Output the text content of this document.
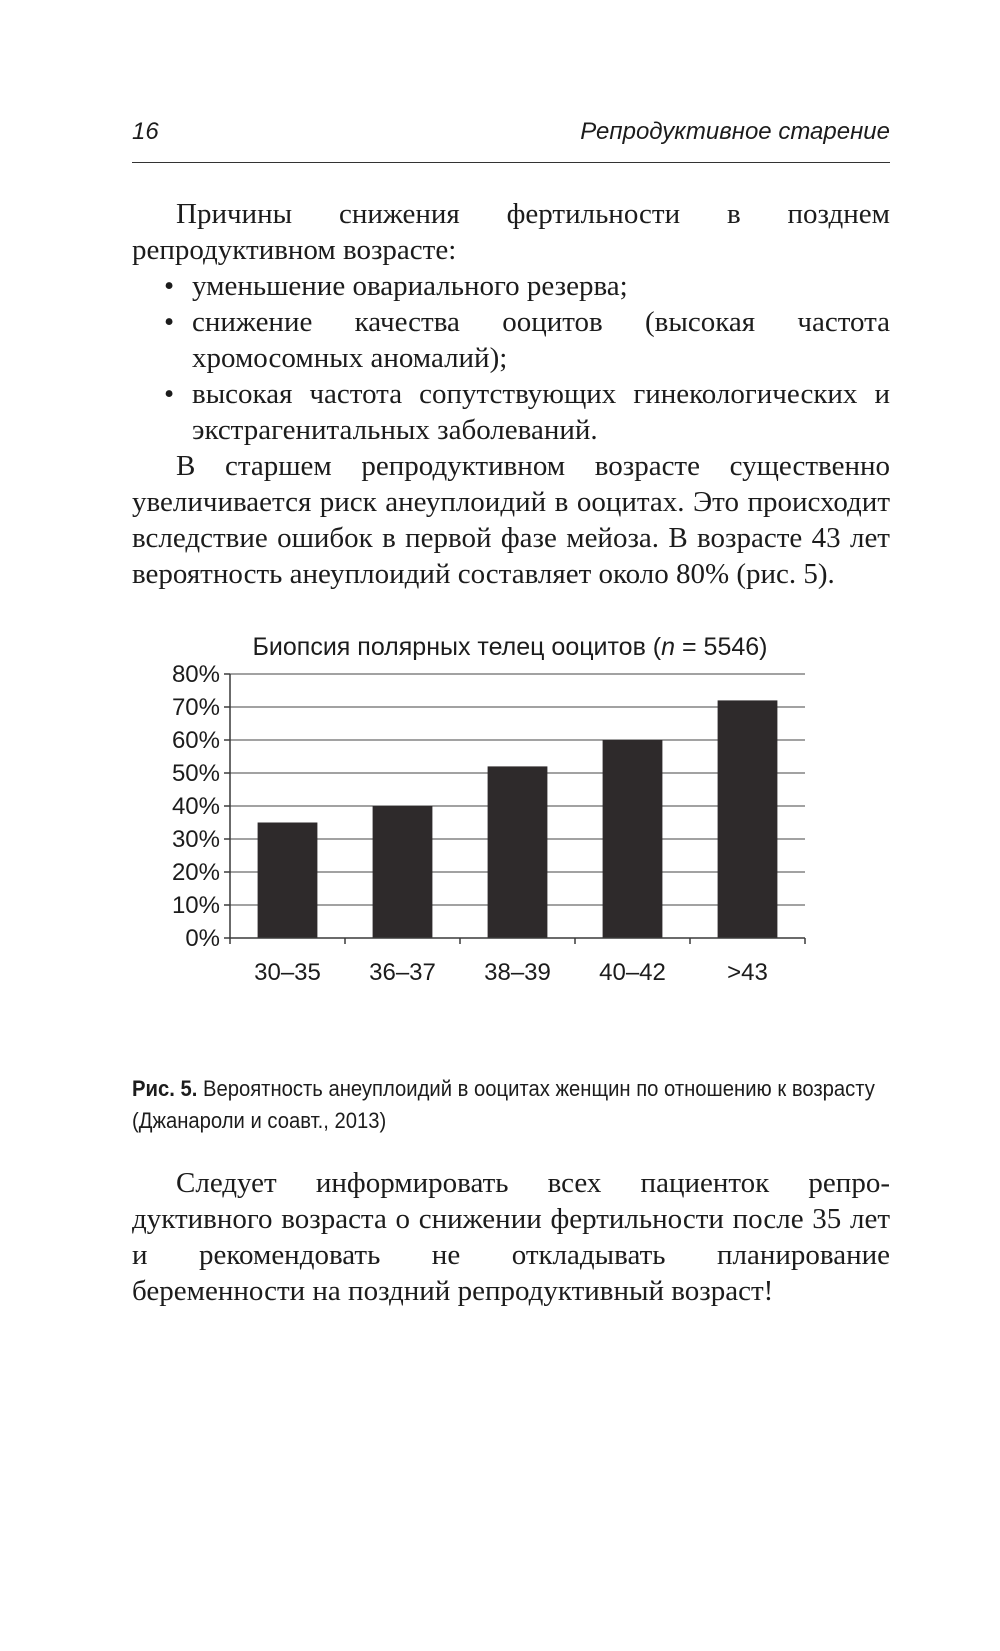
16	Репродуктивное старение

Причины снижения фертильности в позднем репродуктивном возрасте:

• уменьшение овариального резерва;
• снижение качества ооцитов (высокая частота хромосомных аномалий);
• высокая частота сопутствующих гинекологических и экстрагенитальных заболеваний.

В старшем репродуктивном возрасте существенно увеличивается риск анеуплоидий в ооцитах. Это происходит вследствие ошибок в первой фазе мейоза. В возрасте 43 лет вероятность анеуплоидий составляет около 80% (рис. 5).

Биопсия полярных телец ооцитов (n = 5546)
0%
10%
20%
30%
40%
50%
60%
70%
80%
30–35 36–37 38–39 40–42	>43
Рис. 5. Вероятность анеуплоидий в ооцитах женщин по отношению к возрасту (Джанароли и соавт., 2013)

Следует информировать всех пациенток репродуктивного возраста о снижении фертильности после 35 лет и рекомендовать не откладывать планирование беременности на поздний репродуктивный возраст!
